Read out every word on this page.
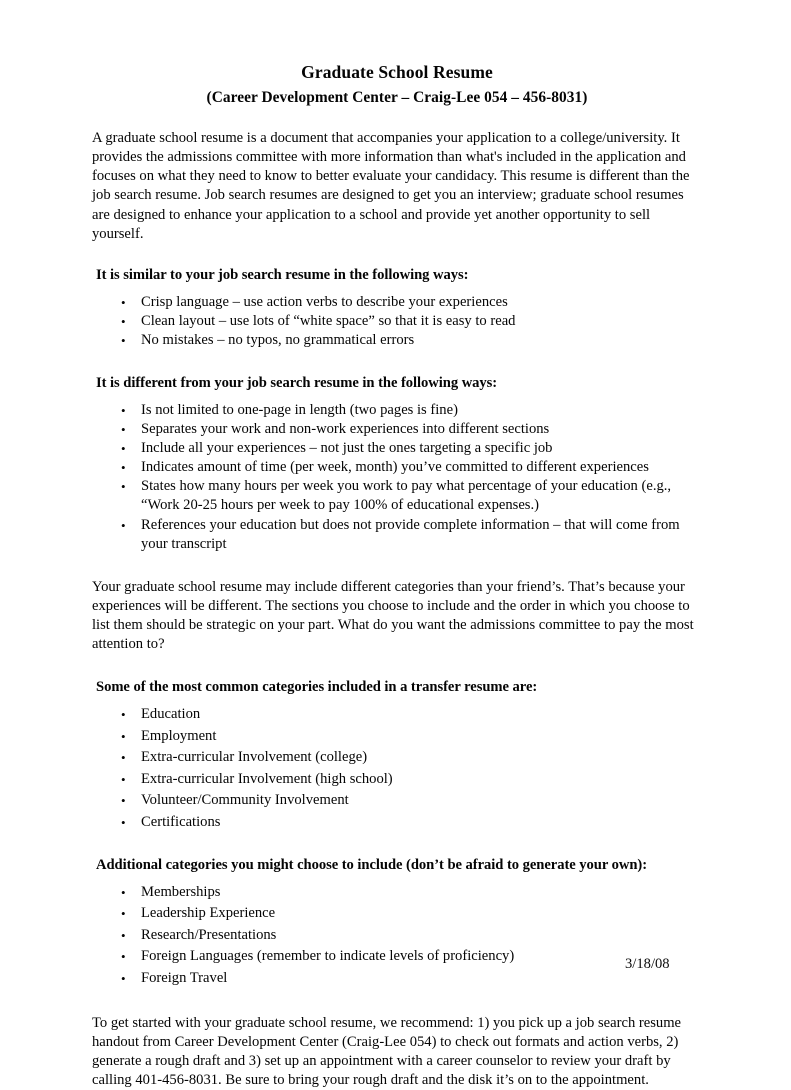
Graduate School Resume
(Career Development Center – Craig-Lee 054 – 456-8031)

A graduate school resume is a document that accompanies your application to a college/university. It provides the admissions committee with more information than what's included in the application and focuses on what they need to know to better evaluate your candidacy. This resume is different than the job search resume. Job search resumes are designed to get you an interview; graduate school resumes are designed to enhance your application to a school and provide yet another opportunity to sell yourself.

It is similar to your job search resume in the following ways:

• Crisp language – use action verbs to describe your experiences
• Clean layout – use lots of “white space” so that it is easy to read
• No mistakes – no typos, no grammatical errors

It is different from your job search resume in the following ways:

• Is not limited to one-page in length (two pages is fine)
• Separates your work and non-work experiences into different sections
• Include all your experiences – not just the ones targeting a specific job
• Indicates amount of time (per week, month) you’ve committed to different experiences
• States how many hours per week you work to pay what percentage of your education (e.g., “Work 20-25 hours per week to pay 100% of educational expenses.)
• References your education but does not provide complete information – that will come from your transcript

Your graduate school resume may include different categories than your friend’s. That’s because your experiences will be different. The sections you choose to include and the order in which you choose to list them should be strategic on your part. What do you want the admissions committee to pay the most attention to?

Some of the most common categories included in a transfer resume are:

• Education
• Employment
• Extra-curricular Involvement (college)
• Extra-curricular Involvement (high school)
• Volunteer/Community Involvement
• Certifications

Additional categories you might choose to include (don’t be afraid to generate your own):

• Memberships
• Leadership Experience
• Research/Presentations
• Foreign Languages (remember to indicate levels of proficiency)
• Foreign Travel

To get started with your graduate school resume, we recommend: 1) you pick up a job search resume handout from Career Development Center (Craig-Lee 054) to check out formats and action verbs, 2) generate a rough draft and 3) set up an appointment with a career counselor to review your draft by calling 401-456-8031. Be sure to bring your rough draft and the disk it’s on to the appointment.

3/18/08
